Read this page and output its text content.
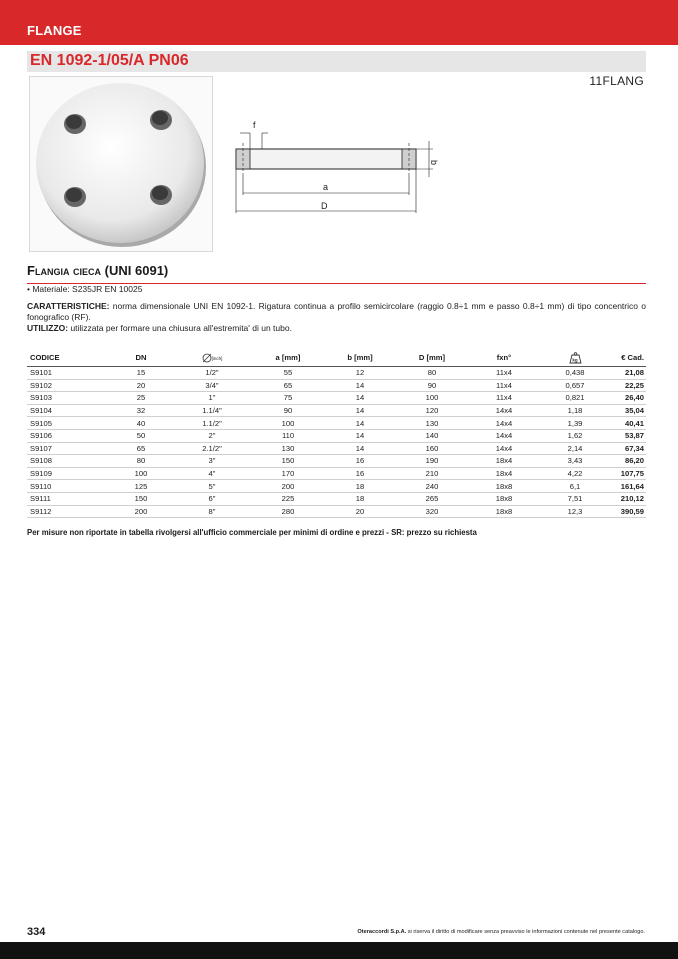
FLANGE
EN 1092-1/05/A PN06
11FLANG
f
b
a
D
Flangia cieca (UNI 6091)
• Materiale: S235JR EN 10025
CARATTERISTICHE: norma dimensionale UNI EN 1092-1. Rigatura continua a profilo semicircolare (raggio 0.8÷1 mm e passo 0.8÷1 mm) di tipo concentrico o fonografico (RF).
UTILIZZO: utilizzata per formare una chiusura all'estremita' di un tubo.
CODICE	DN	[inch]	a [mm]	b [mm]	D [mm]	fxn°	kg	€ Cad.
S9101	15	1/2"	55	12	80	11x4	0,438	21,08
S9102	20	3/4"	65	14	90	11x4	0,657	22,25
S9103	25	1"	75	14	100	11x4	0,821	26,40
S9104	32	1.1/4"	90	14	120	14x4	1,18	35,04
S9105	40	1.1/2"	100	14	130	14x4	1,39	40,41
S9106	50	2"	110	14	140	14x4	1,62	53,87
S9107	65	2.1/2"	130	14	160	14x4	2,14	67,34
S9108	80	3"	150	16	190	18x4	3,43	86,20
S9109	100	4"	170	16	210	18x4	4,22	107,75
S9110	125	5"	200	18	240	18x8	6,1	161,64
S9111	150	6"	225	18	265	18x8	7,51	210,12
S9112	200	8"	280	20	320	18x8	12,3	390,59
Per misure non riportate in tabella rivolgersi all'ufficio commerciale per minimi di ordine e prezzi - SR: prezzo su richiesta
334	Oteraccordi S.p.A. si riserva il diritto di modificare senza preavviso le informazioni contenute nel presente catalogo.
